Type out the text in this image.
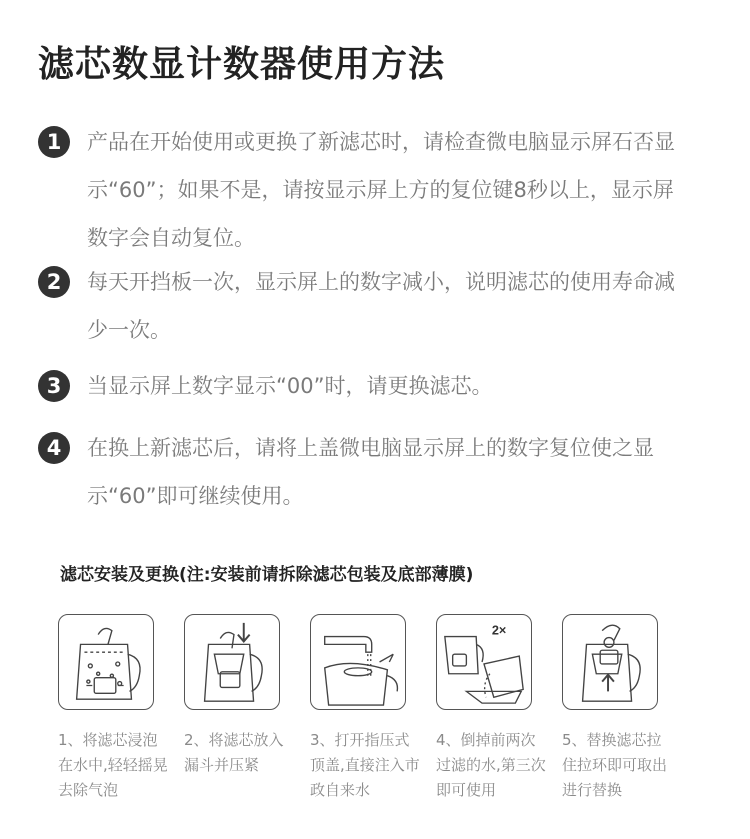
滤芯数显计数器使用方法
1	产品在开始使用或更换了新滤芯时，请检查微电脑显示屏石否显示“60”；如果不是，请按显示屏上方的复位键8秒以上，显示屏数字会自动复位。
2	每天开挡板一次，显示屏上的数字减小，说明滤芯的使用寿命减少一次。
3	当显示屏上数字显示“00”时，请更换滤芯。
4	在换上新滤芯后，请将上盖微电脑显示屏上的数字复位使之显示“60”即可继续使用。
滤芯安装及更换(注:安装前请拆除滤芯包装及底部薄膜)
2×
1、将滤芯浸泡在水中,轻轻摇晃去除气泡
2、将滤芯放入漏斗并压紧
3、打开指压式顶盖,直接注入市政自来水
4、倒掉前两次过滤的水,第三次即可使用
5、替换滤芯拉住拉环即可取出进行替换
